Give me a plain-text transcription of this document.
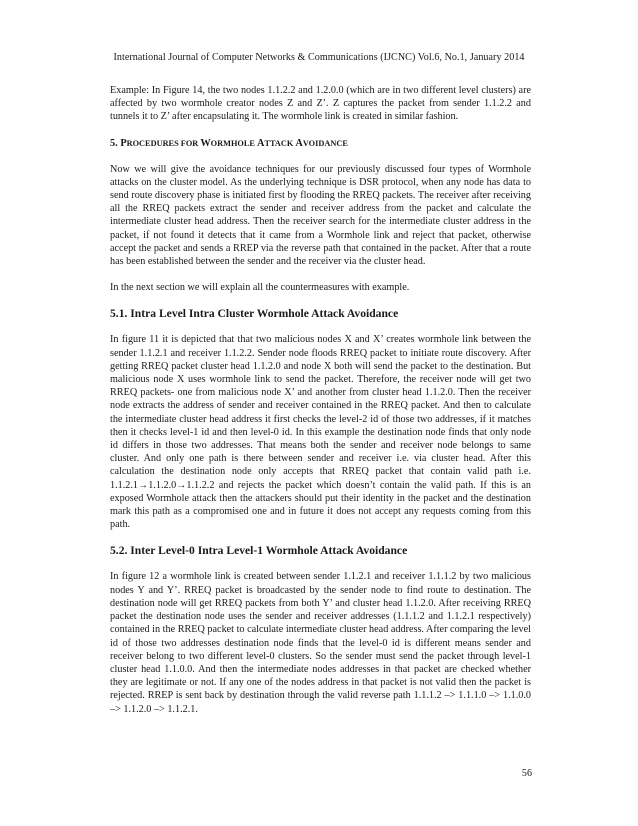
International Journal of Computer Networks & Communications (IJCNC) Vol.6, No.1, January 2014

Example: In Figure 14, the two nodes 1.1.2.2 and 1.2.0.0 (which are in two different level clusters) are affected by two wormhole creator nodes Z and Z’. Z captures the packet from sender 1.1.2.2 and tunnels it to Z’ after encapsulating it. The wormhole link is created in similar fashion.

5. PROCEDURES FOR WORMHOLE ATTACK AVOIDANCE

Now we will give the avoidance techniques for our previously discussed four types of Wormhole attacks on the cluster model. As the underlying technique is DSR protocol, when any node has data to send route discovery phase is initiated first by flooding the RREQ packets. The receiver after receiving all the RREQ packets extract the sender and receiver address from the packet and calculate the intermediate cluster head address. Then the receiver search for the intermediate cluster address in the packet, if not found it detects that it came from a Wormhole link and reject that packet, otherwise accept the packet and sends a RREP via the reverse path that contained in the packet. After that a route has been established between the sender and the receiver via the cluster head.

In the next section we will explain all the countermeasures with example.

5.1. Intra Level Intra Cluster Wormhole Attack Avoidance

In figure 11 it is depicted that that two malicious nodes X and X’ creates wormhole link between the sender 1.1.2.1 and receiver 1.1.2.2. Sender node floods RREQ packet to initiate route discovery. After getting RREQ packet cluster head 1.1.2.0 and node X both will send the packet to the destination. But malicious node X uses wormhole link to send the packet. Therefore, the receiver node will get two RREQ packets- one from malicious node X’ and another from cluster head 1.1.2.0. Then the receiver node extracts the address of sender and receiver contained in the RREQ packet. And then to calculate the intermediate cluster head address it first checks the level-2 id of those two addresses, if it matches then it checks level-1 id and then level-0 id. In this example the destination node finds that only node id differs in those two addresses. That means both the sender and receiver node belongs to same cluster. And only one path is there between sender and receiver i.e. via cluster head. After this calculation the destination node only accepts that RREQ packet that contain valid path i.e. 1.1.2.1→1.1.2.0→1.1.2.2 and rejects the packet which doesn’t contain the valid path. If this is an exposed Wormhole attack then the attackers should put their identity in the packet and the destination mark this path as a compromised one and in future it does not accept any requests coming from this path.

5.2. Inter Level-0 Intra Level-1 Wormhole Attack Avoidance

In figure 12 a wormhole link is created between sender 1.1.2.1 and receiver 1.1.1.2 by two malicious nodes Y and Y’. RREQ packet is broadcasted by the sender node to find route to destination. The destination node will get RREQ packets from both Y’ and cluster head 1.1.2.0. After receiving RREQ packet the destination node uses the sender and receiver addresses (1.1.1.2 and 1.1.2.1 respectively) contained in the RREQ packet to calculate intermediate cluster head address. After comparing the level id of those two addresses destination node finds that the level-0 id is different means sender and receiver belong to two different level-0 clusters. So the sender must send the packet through level-1 cluster head 1.1.0.0. And then the intermediate nodes addresses in that packet are checked whether they are legitimate or not. If any one of the nodes address in that packet is not valid then the packet is rejected. RREP is sent back by destination through the valid reverse path 1.1.1.2 –> 1.1.1.0 –> 1.1.0.0 –> 1.1.2.0 –> 1.1.2.1.

56
